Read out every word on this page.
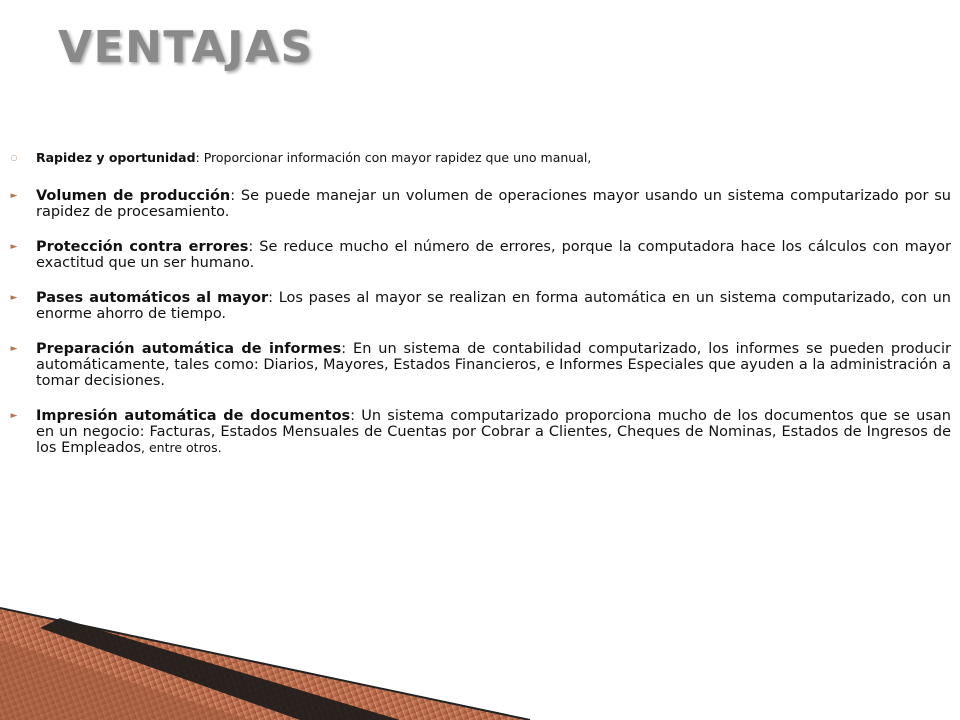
VENTAJAS
○	Rapidez y oportunidad: Proporcionar información con mayor rapidez que uno manual,
►	Volumen de producción: Se puede manejar un volumen de operaciones mayor usando un sistema computarizado por su rapidez de procesamiento.
►	Protección contra errores: Se reduce mucho el número de errores, porque la computadora hace los cálculos con mayor exactitud que un ser humano.
►	Pases automáticos al mayor: Los pases al mayor se realizan en forma automática en un sistema computarizado, con un enorme ahorro de tiempo.
►	Preparación automática de informes: En un sistema de contabilidad computarizado, los informes se pueden producir automáticamente, tales como: Diarios, Mayores, Estados Financieros, e Informes Especiales que ayuden a la administración a tomar decisiones.
►	Impresión automática de documentos: Un sistema computarizado proporciona mucho de los documentos que se usan en un negocio: Facturas, Estados Mensuales de Cuentas por Cobrar a Clientes, Cheques de Nominas, Estados de Ingresos de los Empleados, entre otros.
